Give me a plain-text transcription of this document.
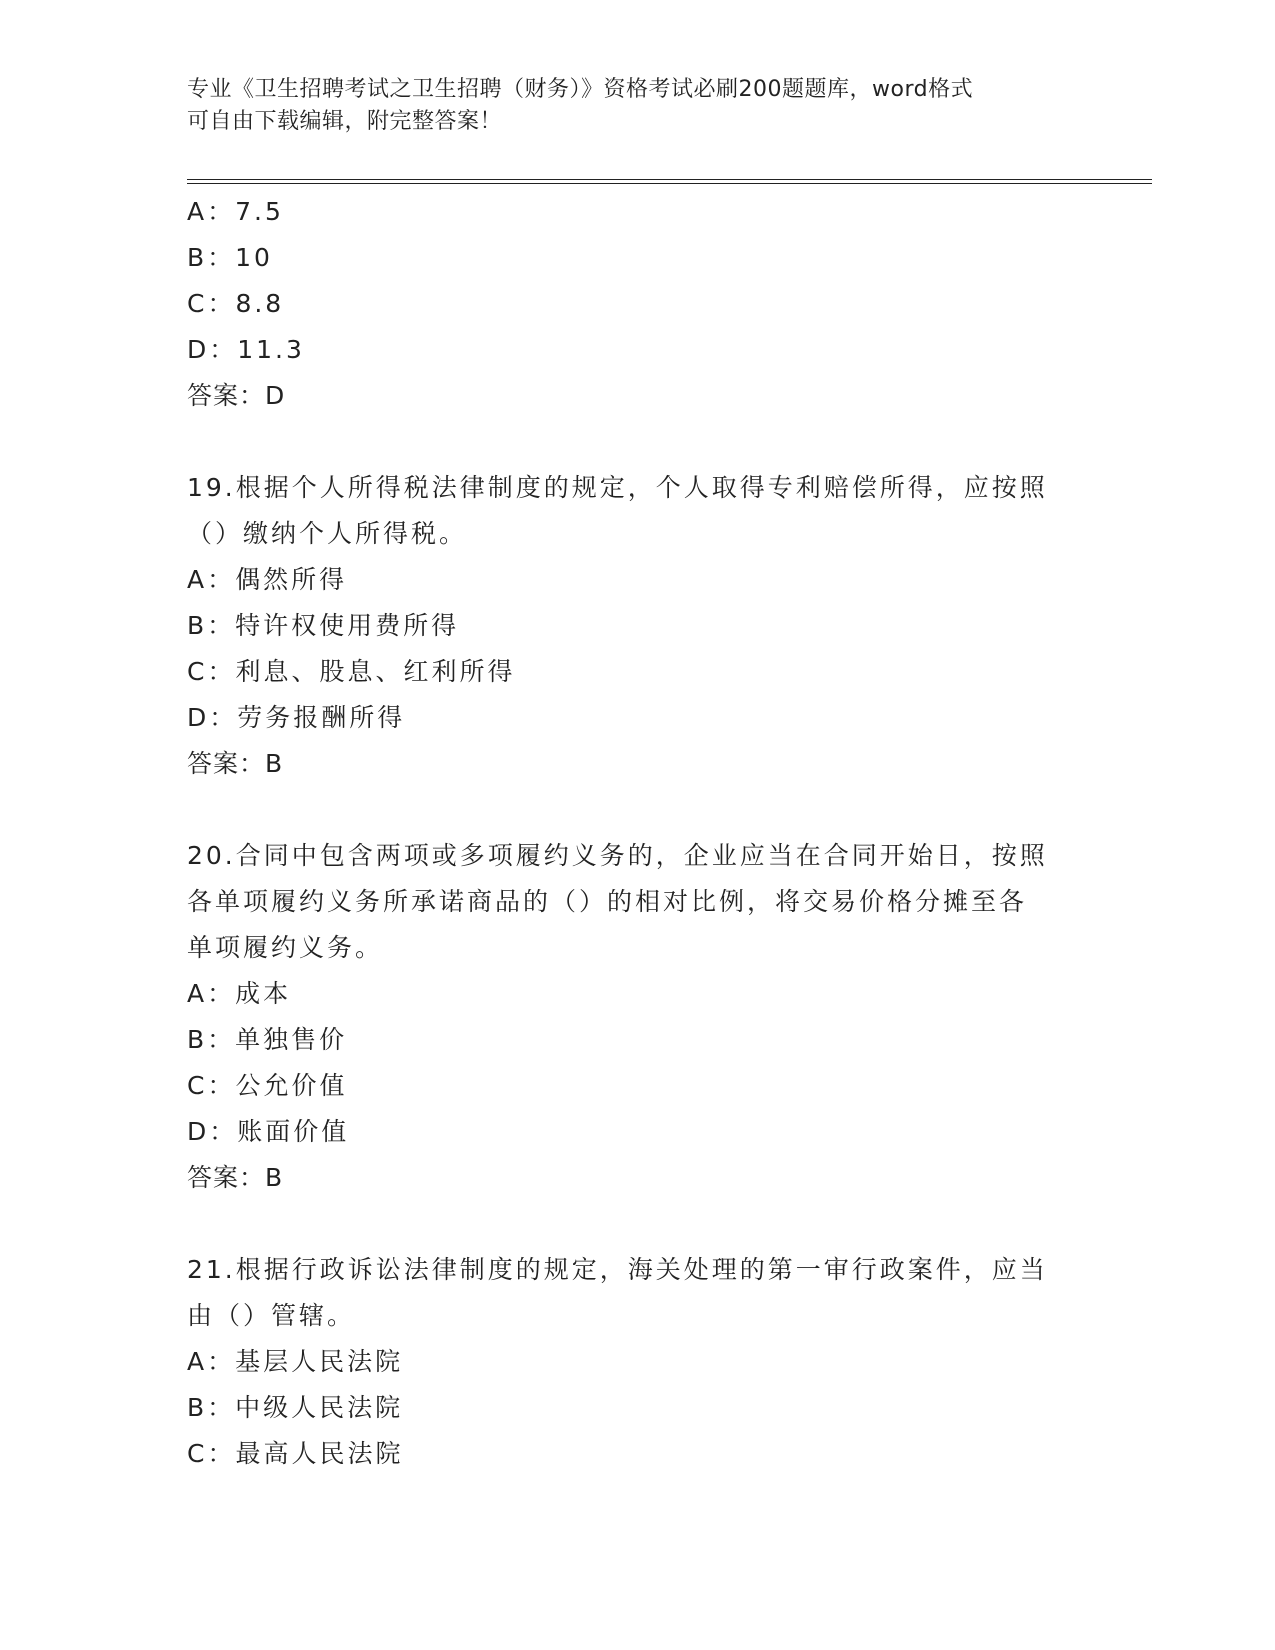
专业《卫生招聘考试之卫生招聘（财务）》资格考试必刷200题题库，word格式
可自由下载编辑，附完整答案！
A：7.5
B：10
C：8.8
D：11.3
答案：D
19.根据个人所得税法律制度的规定，个人取得专利赔偿所得，应按照
（）缴纳个人所得税。
A：偶然所得
B：特许权使用费所得
C：利息、股息、红利所得
D：劳务报酬所得
答案：B
20.合同中包含两项或多项履约义务的，企业应当在合同开始日，按照
各单项履约义务所承诺商品的（）的相对比例，将交易价格分摊至各
单项履约义务。
A：成本
B：单独售价
C：公允价值
D：账面价值
答案：B
21.根据行政诉讼法律制度的规定，海关处理的第一审行政案件，应当
由（）管辖。
A：基层人民法院
B：中级人民法院
C：最高人民法院
